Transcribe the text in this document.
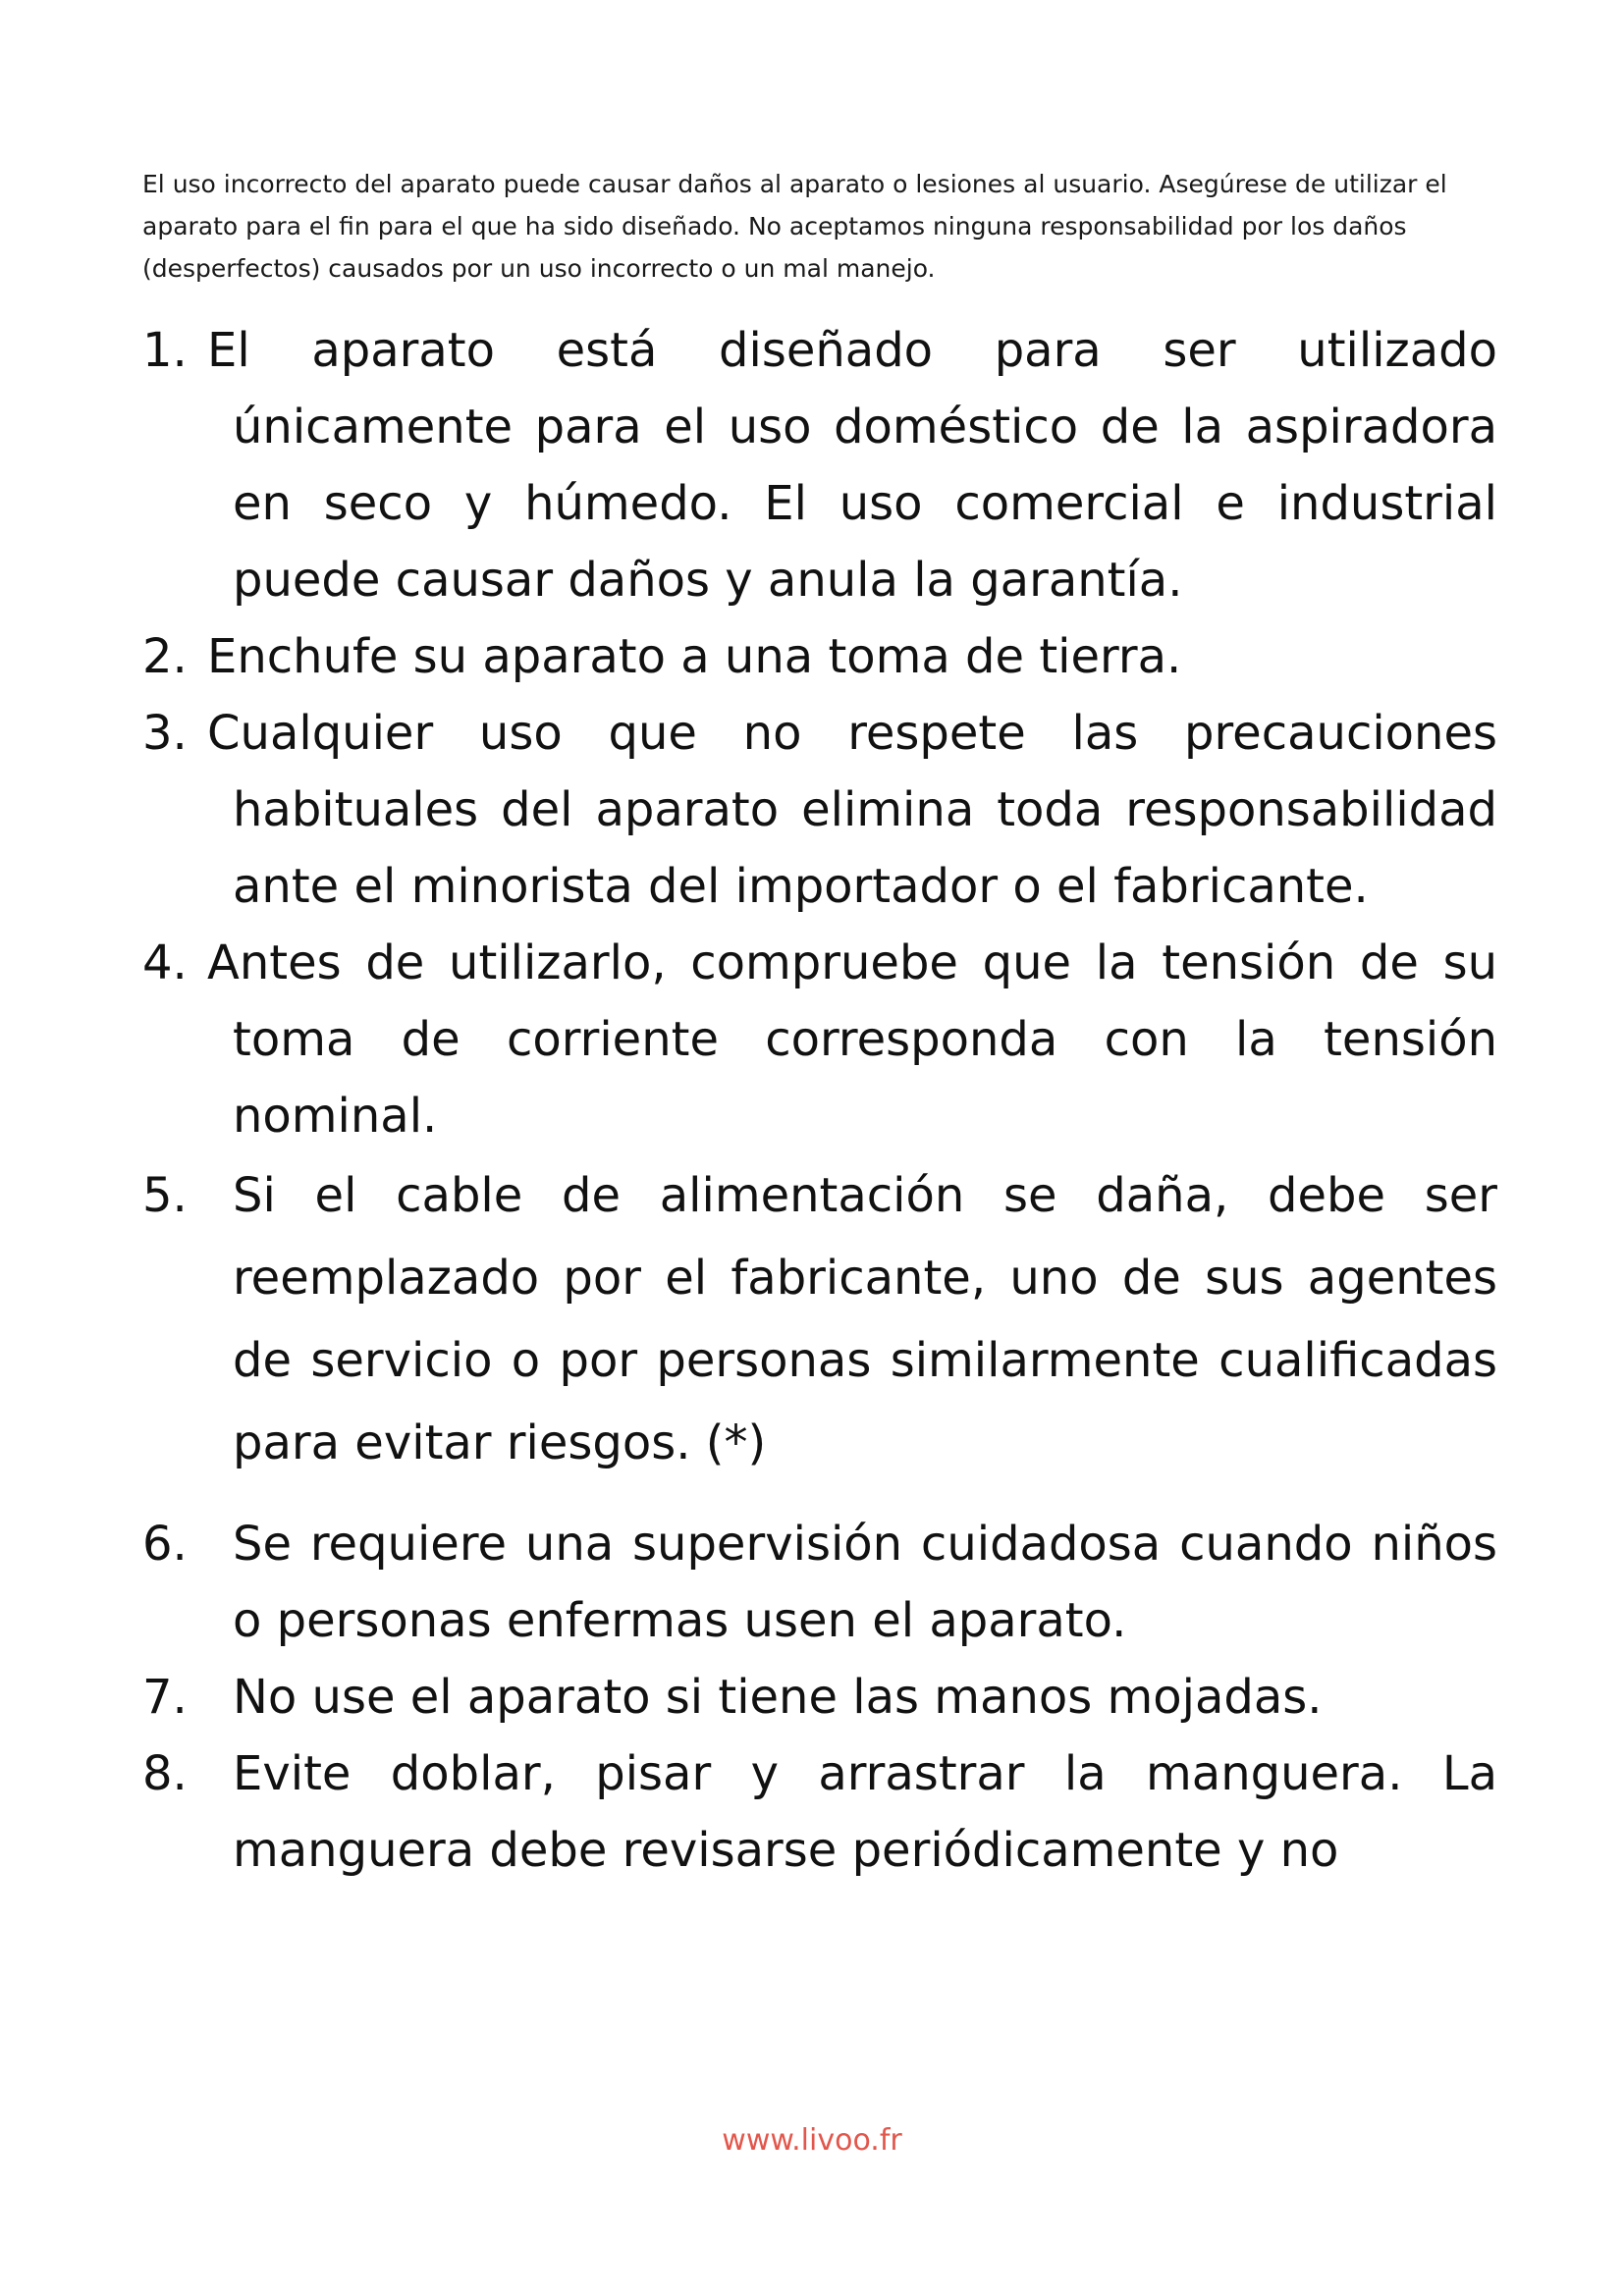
El uso incorrecto del aparato puede causar daños al aparato o lesiones al usuario. Asegúrese de utilizar el aparato para el fin para el que ha sido diseñado. No aceptamos ninguna responsabilidad por los daños (desperfectos) causados por un uso incorrecto o un mal manejo.

1. El aparato está diseñado para ser utilizado únicamente para el uso doméstico de la aspiradora en seco y húmedo. El uso comercial e industrial puede causar daños y anula la garantía.
2. Enchufe su aparato a una toma de tierra.
3. Cualquier uso que no respete las precauciones habituales del aparato elimina toda responsabilidad ante el minorista del importador o el fabricante.
4. Antes de utilizarlo, compruebe que la tensión de su toma de corriente corresponda con la tensión nominal.
5. Si el cable de alimentación se daña, debe ser reemplazado por el fabricante, uno de sus agentes de servicio o por personas similarmente cualificadas para evitar riesgos. (*)
6. Se requiere una supervisión cuidadosa cuando niños o personas enfermas usen el aparato.
7. No use el aparato si tiene las manos mojadas.
8. Evite doblar, pisar y arrastrar la manguera. La manguera debe revisarse periódicamente y no
www.livoo.fr
